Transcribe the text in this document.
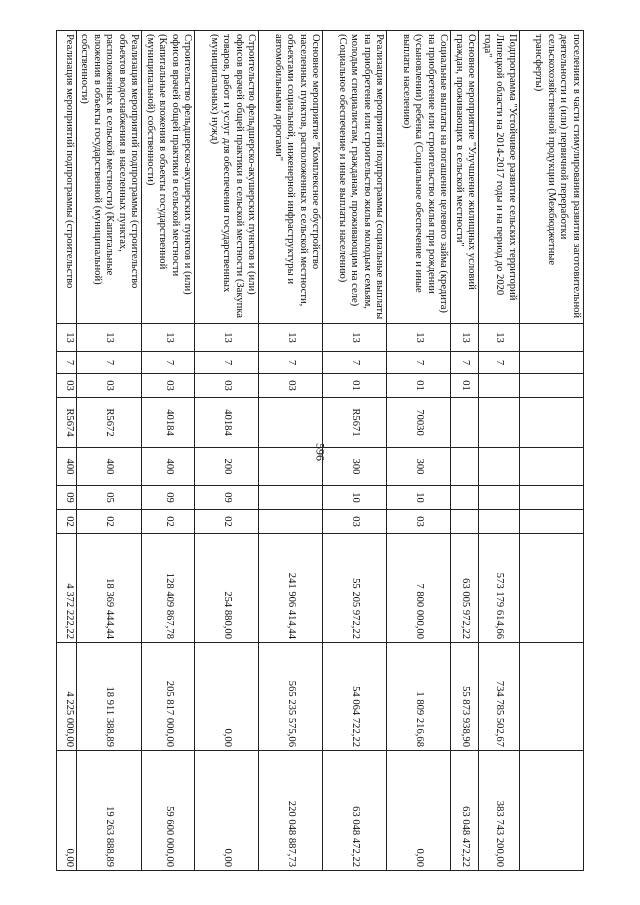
596
поселениях в части стимулирования развития заготовительной деятельности и (или) первичной переработки сельскохозяйственной продукции (Межбюджетные трансферты)										
Подпрограмма "Устойчивое развитие сельских территорий Липецкой области на 2014-2017 годы и на период до 2020 года"	13	7						573 179 614,66	734 785 502,67	383 743 200,00
Основное мероприятие "Улучшение жилищных условий граждан, проживающих в сельской местности"	13	7	01					63 005 972,22	55 873 938,90	63 048 472,22
Социальные выплаты на погашение целевого займа (кредита) на приобретение или строительство жилья при рождении (усыновлении) ребенка (Социальное обеспечение и иные выплаты населению)	13	7	01	70030	300	10	03	7 800 000,00	1 809 216,68	0,00
Реализация мероприятий подпрограммы (социальные выплаты на приобретение или строительство жилья молодым семьям, молодым специалистам, гражданам, проживающим на селе) (Социальное обеспечение и иные выплаты населению)	13	7	01	R5671	300	10	03	55 205 972,22	54 064 722,22	63 048 472,22
Основное мероприятие "Комплексное обустройство населенных пунктов, расположенных в сельской местности, объектами социальной, инженерной инфраструктуры и автомобильными дорогами"	13	7	03					241 906 414,44	565 235 575,06	220 048 887,73
Строительство фельдшерско-акушерских пунктов и (или) офисов врачей общей практики в сельской местности (Закупка товаров, работ и услуг для обеспечения государственных (муниципальных) нужд)	13	7	03	40184	200	09	02	254 880,00	0,00	0,00
Строительство фельдшерско-акушерских пунктов и (или) офисов врачей общей практики в сельской местности (Капитальные вложения в объекты государственной (муниципальной) собственности)	13	7	03	40184	400	09	02	128 409 867,78	205 817 000,00	59 600 000,00
Реализация мероприятий подпрограммы (строительство объектов водоснабжения в населенных пунктах, расположенных в сельской местности) (Капитальные вложения в объекты государственной (муниципальной) собственности)	13	7	03	R5672	400	05	02	18 369 444,44	18 911 388,89	19 263 888,89
Реализация мероприятий подпрограммы (строительство	13	7	03	R5674	400	09	02	4 372 222,22	4 225 000,00	0,00
